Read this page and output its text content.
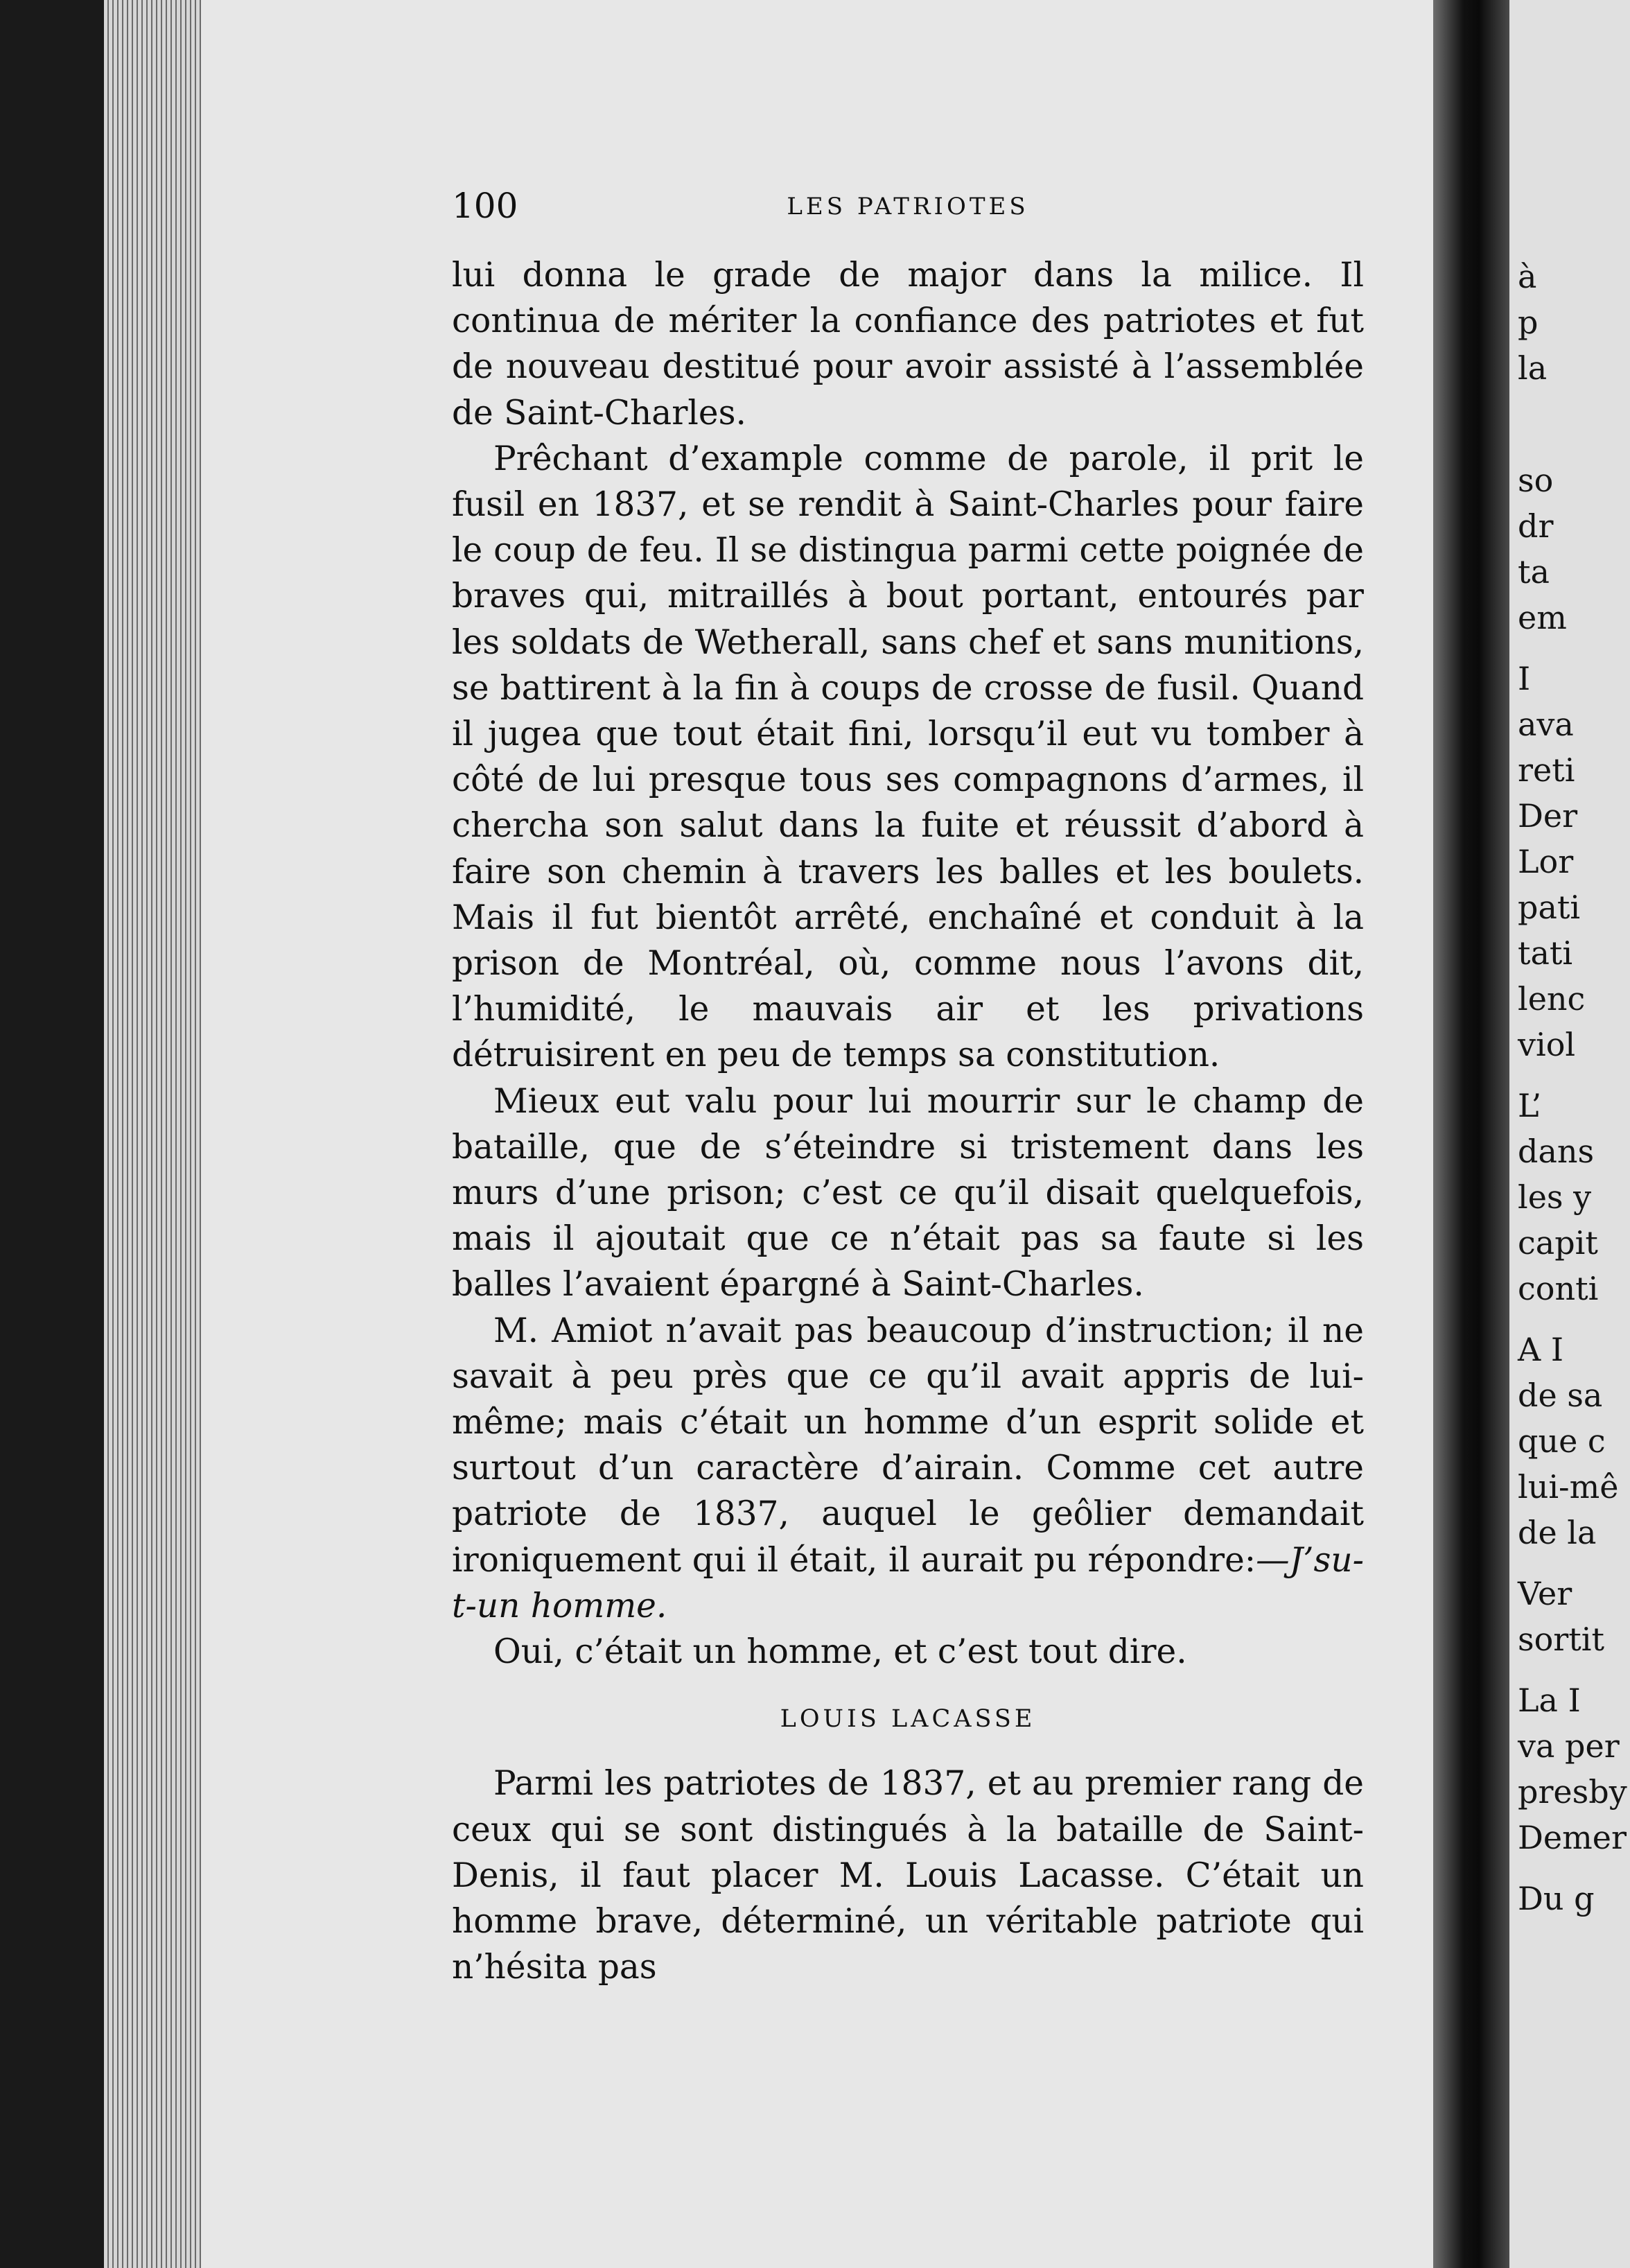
100	LES PATRIOTES

lui donna le grade de major dans la milice. Il continua de mériter la confiance des patriotes et fut de nouveau destitué pour avoir assisté à l’assemblée de Saint-Charles.

Prêchant d’example comme de parole, il prit le fusil en 1837, et se rendit à Saint-Charles pour faire le coup de feu. Il se distingua parmi cette poignée de braves qui, mitraillés à bout portant, entourés par les soldats de Wetherall, sans chef et sans munitions, se battirent à la fin à coups de crosse de fusil. Quand il jugea que tout était fini, lorsqu’il eut vu tomber à côté de lui presque tous ses compagnons d’armes, il chercha son salut dans la fuite et réussit d’abord à faire son chemin à travers les balles et les boulets. Mais il fut bientôt arrêté, enchaîné et conduit à la prison de Montréal, où, comme nous l’avons dit, l’humidité, le mauvais air et les privations détruisirent en peu de temps sa constitution.

Mieux eut valu pour lui mourrir sur le champ de bataille, que de s’éteindre si tristement dans les murs d’une prison; c’est ce qu’il disait quelquefois, mais il ajoutait que ce n’était pas sa faute si les balles l’avaient épargné à Saint-Charles.

M. Amiot n’avait pas beaucoup d’instruction; il ne savait à peu près que ce qu’il avait appris de lui-même; mais c’était un homme d’un esprit solide et surtout d’un caractère d’airain. Comme cet autre patriote de 1837, auquel le geôlier demandait ironiquement qui il était, il aurait pu répondre:—J’su-t-un homme.

Oui, c’était un homme, et c’est tout dire.

LOUIS LACASSE

Parmi les patriotes de 1837, et au premier rang de ceux qui se sont distingués à la bataille de Saint-Denis, il faut placer M. Louis Lacasse. C’était un homme brave, déterminé, un véritable patriote qui n’hésita pas

à
p
la
so
dr
ta
em
I
ava
reti
Der
Lor
pati
tati
lenc
viol
L’
dans
les y
capit
conti
A I
de sa
que c
lui-mê
de la
Ver
sortit
La I
va per
presby
Demer
Du g
